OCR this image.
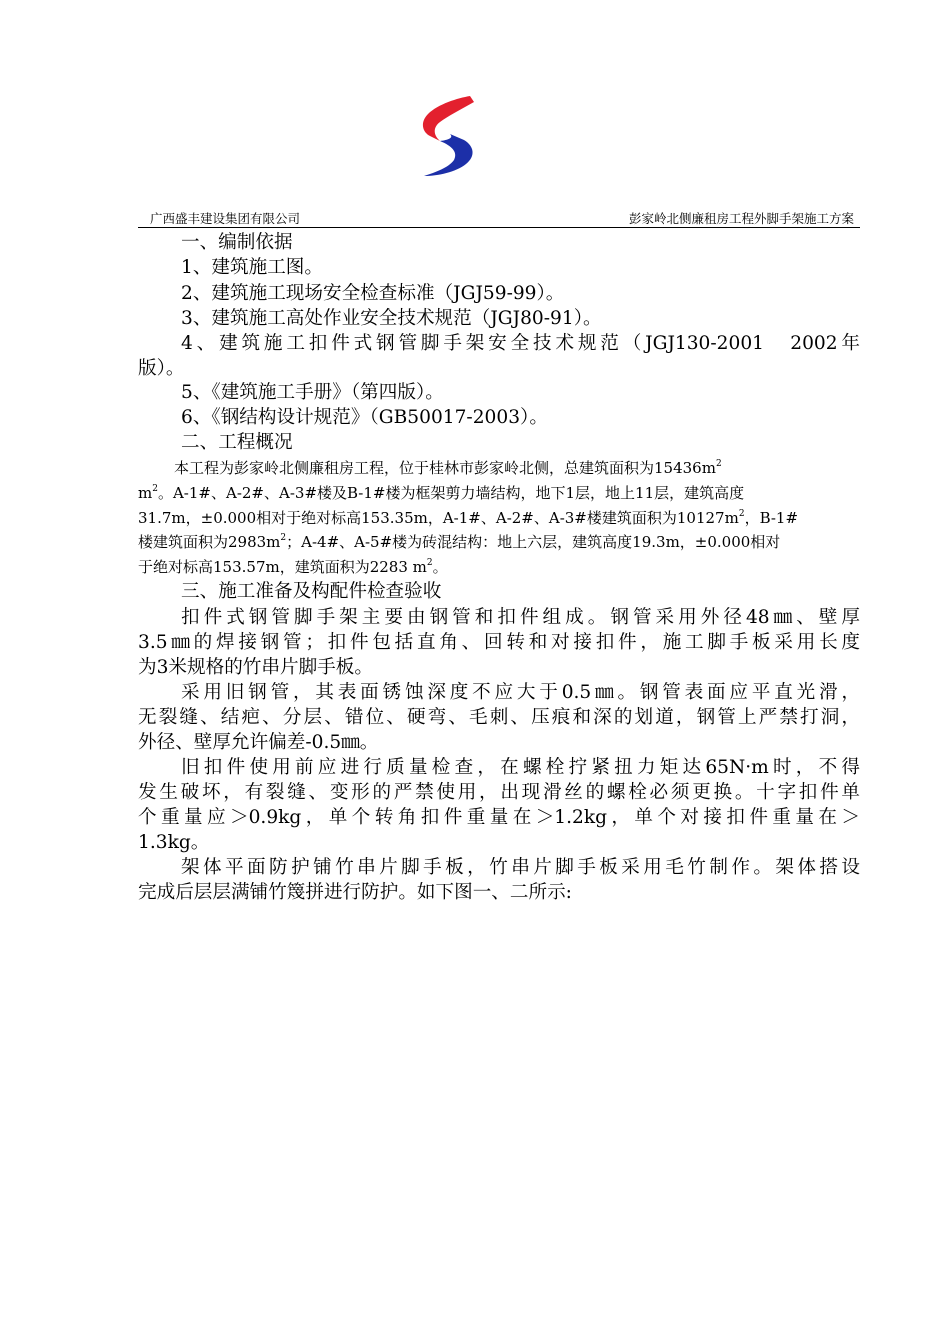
广西盛丰建设集团有限公司	彭家岭北侧廉租房工程外脚手架施工方案
一、编制依据
1、建筑施工图。
2、建筑施工现场安全检查标准（JGJ59-99）。
3、建筑施工高处作业安全技术规范（JGJ80-91）。
4、建筑施工扣件式钢管脚手架安全技术规范（JGJ130-2001　2002年
版）。
5、《建筑施工手册》（第四版）。
6、《钢结构设计规范》（GB50017-2003）。
二、工程概况
本工程为彭家岭北侧廉租房工程，位于桂林市彭家岭北侧，总建筑面积为$15436m^2$
$m^2$。A-1#、A-2#、A-3#楼及B-1#楼为框架剪力墙结构，地下1层，地上11层，建筑高度
31.7m，±0.000相对于绝对标高153.35m，A-1#、A-2#、A-3#楼建筑面积为$10127m^2$，B-1#
楼建筑面积为$2983m^2$；A-4#、A-5#楼为砖混结构：地上六层，建筑高度19.3m，±0.000相对
于绝对标高153.57m，建筑面积为2283 $m^2$。
三、施工准备及构配件检查验收
扣件式钢管脚手架主要由钢管和扣件组成。钢管采用外径48㎜、壁厚
3.5㎜的焊接钢管；扣件包括直角、回转和对接扣件，施工脚手板采用长度
为3米规格的竹串片脚手板。
采用旧钢管，其表面锈蚀深度不应大于0.5㎜。钢管表面应平直光滑，
无裂缝、结疤、分层、错位、硬弯、毛刺、压痕和深的划道，钢管上严禁打洞，
外径、壁厚允许偏差-0.5㎜。
旧扣件使用前应进行质量检查，在螺栓拧紧扭力矩达65N·m时，不得
发生破坏，有裂缝、变形的严禁使用，出现滑丝的螺栓必须更换。十字扣件单
个重量应＞0.9kg，单个转角扣件重量在＞1.2kg，单个对接扣件重量在＞
1.3kg。
架体平面防护铺竹串片脚手板，竹串片脚手板采用毛竹制作。架体搭设
完成后层层满铺竹篾拼进行防护。如下图一、二所示:
